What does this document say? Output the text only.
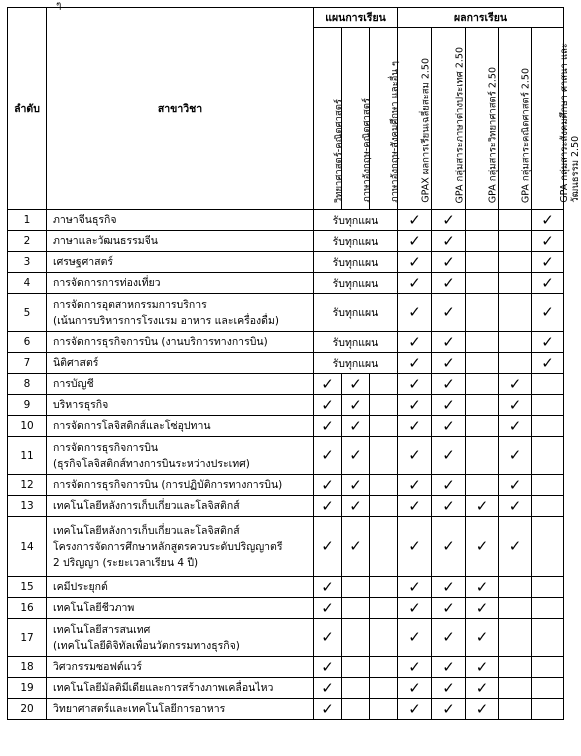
ๆ
ลำดับ	สาขาวิชา	แผนการเรียน			ผลการเรียน				

		วิทยาศาสตร์-คณิตศาสตร์	ภาษาอังกฤษ-คณิตศาสตร์	ภาษาอังกฤษ-สังคมศึกษา และอื่น ๆ	GPAX ผลการเรียนเฉลี่ยสะสม 2.50	GPA กลุ่มสาระภาษาต่างประเทศ 2.50	GPA กลุ่มสาระวิทยาศาสตร์ 2.50	GPA กลุ่มสาระคณิตศาสตร์ 2.50	GPA กลุ่มสาระสังคมศึกษา ศาสนา และ
วัฒนธรรม 2.50

1	ภาษาจีนธุรกิจ	รับทุกแผน			✓	✓			✓
2	ภาษาและวัฒนธรรมจีน	รับทุกแผน			✓	✓			✓
3	เศรษฐศาสตร์	รับทุกแผน			✓	✓			✓
4	การจัดการการท่องเที่ยว	รับทุกแผน			✓	✓			✓
5	การจัดการอุตสาหกรรมการบริการ
(เน้นการบริหารการโรงแรม อาหาร และเครื่องดื่ม)	รับทุกแผน			✓	✓			✓
6	การจัดการธุรกิจการบิน (งานบริการทางการบิน)	รับทุกแผน			✓	✓			✓
7	นิติศาสตร์	รับทุกแผน			✓	✓			✓
8	การบัญชี	✓	✓		✓	✓		✓	
9	บริหารธุรกิจ	✓	✓		✓	✓		✓	
10	การจัดการโลจิสติกส์และโซ่อุปทาน	✓	✓		✓	✓		✓	
11	การจัดการธุรกิจการบิน
(ธุรกิจโลจิสติกส์ทางการบินระหว่างประเทศ)	✓	✓		✓	✓		✓	
12	การจัดการธุรกิจการบิน (การปฏิบัติการทางการบิน)	✓	✓		✓	✓		✓	
13	เทคโนโลยีหลังการเก็บเกี่ยวและโลจิสติกส์	✓	✓		✓	✓	✓	✓	
14	เทคโนโลยีหลังการเก็บเกี่ยวและโลจิสติกส์
โครงการจัดการศึกษาหลักสูตรควบระดับปริญญาตรี
2 ปริญญา (ระยะเวลาเรียน 4 ปี)	✓	✓		✓	✓	✓	✓	
15	เคมีประยุกต์	✓			✓	✓	✓		
16	เทคโนโลยีชีวภาพ	✓			✓	✓	✓		
17	เทคโนโลยีสารสนเทศ
(เทคโนโลยีดิจิทัลเพื่อนวัตกรรมทางธุรกิจ)	✓			✓	✓	✓		
18	วิศวกรรมซอฟต์แวร์	✓			✓	✓	✓		
19	เทคโนโลยีมัลติมีเดียและการสร้างภาพเคลื่อนไหว	✓			✓	✓	✓		
20	วิทยาศาสตร์และเทคโนโลยีการอาหาร	✓			✓	✓	✓		
